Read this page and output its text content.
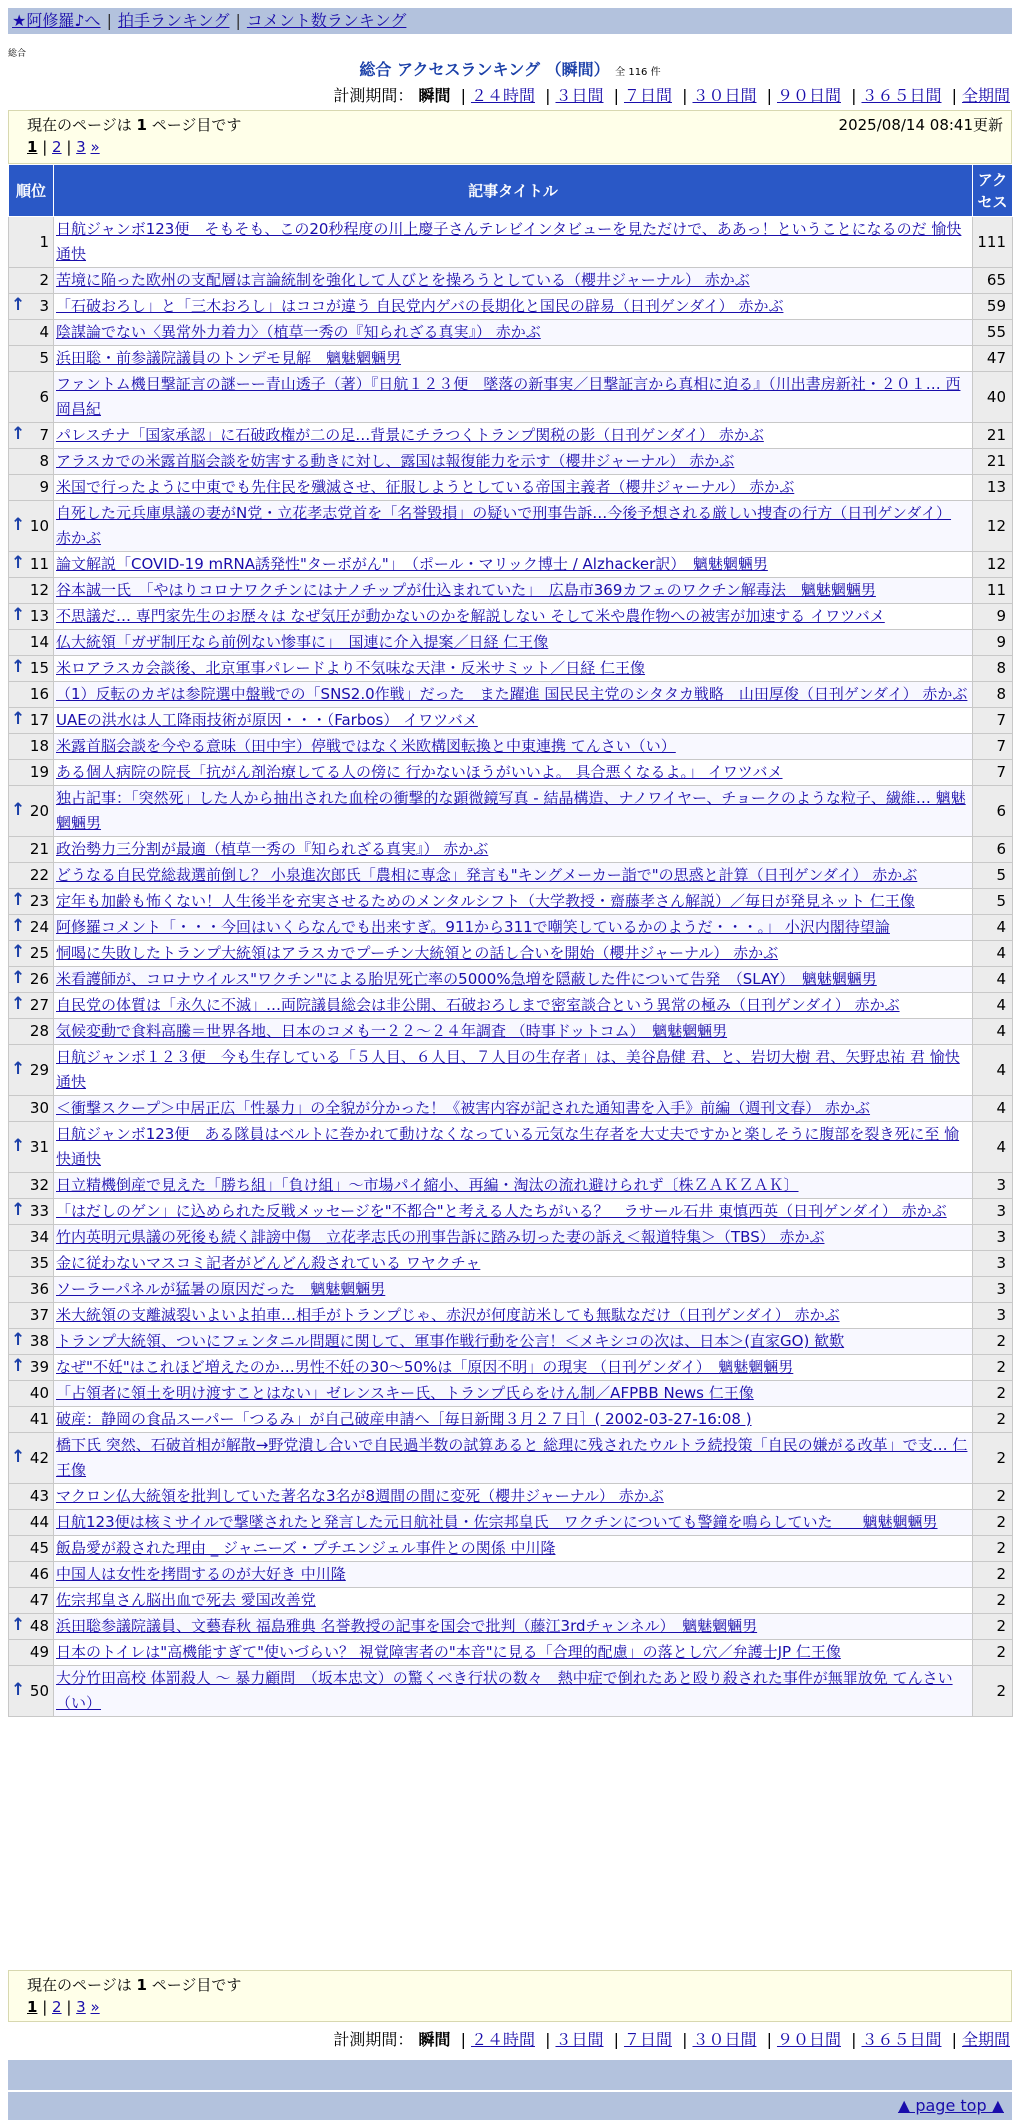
★阿修羅♪へ | 拍手ランキング | コメント数ランキング
総合
総合 アクセスランキング （瞬間） 全 116 件
計測期間： 瞬間 | ２４時間 | ３日間 | ７日間 | ３０日間 | ９０日間 | ３６５日間 | 全期間
現在のページは 1 ページ目です	2025/08/14 08:41更新
1 | 2 | 3 »
順位	記事タイトル	アクセス
1	日航ジャンボ123便　そもそも、この20秒程度の川上慶子さんテレビインタビューを見ただけで、ああっ！ということになるのだ 愉快通快	111
2	苦境に陥った欧州の支配層は言論統制を強化して人びとを操ろうとしている（櫻井ジャーナル） 赤かぶ	65

↑ 3	「石破おろし」と「三木おろし」はココが違う 自民党内ゲバの長期化と国民の辟易（日刊ゲンダイ） 赤かぶ	59
4	陰謀論でない〈異常外力着力〉（植草一秀の『知られざる真実』） 赤かぶ	55
5	浜田聡・前参議院議員のトンデモ見解　魑魅魍魎男	47
6	ファントム機目撃証言の謎ーー青山透子（著）『日航１２３便　墜落の新事実／目撃証言から真相に迫る』（川出書房新社・２０１… 西岡昌紀	40

↑ 7	パレスチナ「国家承認」に石破政権が二の足…背景にチラつくトランプ関税の影（日刊ゲンダイ） 赤かぶ	21
8	アラスカでの米露首脳会談を妨害する動きに対し、露国は報復能力を示す（櫻井ジャーナル） 赤かぶ	21
9	米国で行ったように中東でも先住民を殲滅させ、征服しようとしている帝国主義者（櫻井ジャーナル） 赤かぶ	13

↑ 10	自死した元兵庫県議の妻がN党・立花孝志党首を「名誉毀損」の疑いで刑事告訴…今後予想される厳しい捜査の行方（日刊ゲンダイ） 赤かぶ	12

↑ 11	論文解説「COVID-19 mRNA誘発性"ターボがん"」　（ポール・マリック博士 / Alzhacker訳）　魑魅魍魎男	12
12	谷本誠一氏　「やはりコロナワクチンにはナノチップが仕込まれていた」　広島市369カフェのワクチン解毒法　魑魅魍魎男	11

↑ 13	不思議だ… 専門家先生のお歴々は なぜ気圧が動かないのかを解説しない そして米や農作物への被害が加速する イワツバメ	9
14	仏大統領「ガザ制圧なら前例ない惨事に」　国連に介入提案／日経 仁王像	9

↑ 15	米ロアラスカ会談後、北京軍事パレードより不気味な天津・反米サミット／日経 仁王像	8
16	（1）反転のカギは参院選中盤戦での「SNS2.0作戦」だった　また躍進 国民民主党のシタタカ戦略　山田厚俊（日刊ゲンダイ） 赤かぶ	8

↑ 17	UAEの洪水は人工降雨技術が原因・・・（Farbos） イワツバメ	7
18	米露首脳会談を今やる意味（田中宇）停戦ではなく米欧構図転換と中東連携 てんさい（い）	7
19	ある個人病院の院長「抗がん剤治療してる人の傍に 行かないほうがいいよ。 具合悪くなるよ。」 イワツバメ	7

↑ 20	独占記事：「突然死」した人から抽出された血栓の衝撃的な顕微鏡写真 - 結晶構造、ナノワイヤー、チョークのような粒子、繊維… 魑魅魍魎男	6
21	政治勢力三分割が最適（植草一秀の『知られざる真実』） 赤かぶ	6
22	どうなる自民党総裁選前倒し？ 小泉進次郎氏「農相に専念」発言も"キングメーカー詣で"の思惑と計算（日刊ゲンダイ） 赤かぶ	5

↑ 23	定年も加齢も怖くない！人生後半を充実させるためのメンタルシフト（大学教授・齋藤孝さん解説）／毎日が発見ネット 仁王像	5

↑ 24	阿修羅コメント「・・・今回はいくらなんでも出来すぎ。911から311で嘲笑しているかのようだ・・・。」 小沢内閣待望論	4

↑ 25	恫喝に失敗したトランプ大統領はアラスカでプーチン大統領との話し合いを開始（櫻井ジャーナル） 赤かぶ	4

↑ 26	米看護師が、コロナウイルス"ワクチン"による胎児死亡率の5000%急増を隠蔽した件について告発　（SLAY）　魑魅魍魎男	4

↑ 27	自民党の体質は「永久に不滅」…両院議員総会は非公開、石破おろしまで密室談合という異常の極み（日刊ゲンダイ） 赤かぶ	4
28	気候変動で食料高騰＝世界各地、日本のコメも一２２～２４年調査 （時事ドットコム）　魑魅魍魎男	4

↑ 29	日航ジャンボ１２３便　今も生存している「５人目、６人目、７人目の生存者」は、美谷島健 君、と、岩切大樹 君、矢野忠祐 君 愉快通快	4
30	＜衝撃スクープ＞中居正広「性暴力」の全貌が分かった！《被害内容が記された通知書を入手》前編（週刊文春） 赤かぶ	4

↑ 31	日航ジャンボ123便　ある隊員はベルトに巻かれて動けなくなっている元気な生存者を大丈夫ですかと楽しそうに腹部を裂き死に至 愉快通快	4
32	日立精機倒産で見えた「勝ち組」「負け組」～市場パイ縮小、再編・淘汰の流れ避けられず〔株ＺＡＫＺＡＫ〕	3

↑ 33	「はだしのゲン」に込められた反戦メッセージを"不都合"と考える人たちがいる？　ラサール石井 東慎西英（日刊ゲンダイ） 赤かぶ	3
34	竹内英明元県議の死後も続く誹謗中傷　立花孝志氏の刑事告訴に踏み切った妻の訴え＜報道特集＞（TBS） 赤かぶ	3
35	金に従わないマスコミ記者がどんどん殺されている ワヤクチャ	3
36	ソーラーパネルが猛暑の原因だった　魑魅魍魎男	3
37	米大統領の支離滅裂いよいよ拍車…相手がトランプじゃ、赤沢が何度訪米しても無駄なだけ（日刊ゲンダイ） 赤かぶ	3

↑ 38	トランプ大統領、ついにフェンタニル問題に関して、軍事作戦行動を公言！＜メキシコの次は、日本＞(直家GO) 歓歎	2

↑ 39	なぜ"不妊"はこれほど増えたのか…男性不妊の30～50%は「原因不明」の現実 （日刊ゲンダイ）　魑魅魍魎男	2
40	「占領者に領土を明け渡すことはない」ゼレンスキー氏、トランプ氏らをけん制／AFPBB News 仁王像	2
41	破産：静岡の食品スーパー「つるみ」が自己破産申請へ［毎日新聞３月２７日］( 2002-03-27-16:08 )	2

↑ 42	橋下氏 突然、石破首相が解散→野党潰し合いで自民過半数の試算あると 総理に残されたウルトラ続投策「自民の嫌がる改革」で支… 仁王像	2
43	マクロン仏大統領を批判していた著名な3名が8週間の間に変死（櫻井ジャーナル） 赤かぶ	2
44	日航123便は核ミサイルで撃墜されたと発言した元日航社員・佐宗邦皇氏　ワクチンについても警鐘を鳴らしていた　　魑魅魍魎男	2
45	飯島愛が殺された理由 _ ジャニーズ・プチエンジェル事件との関係 中川隆	2
46	中国人は女性を拷問するのが大好き 中川隆	2
47	佐宗邦皇さん脳出血で死去 愛国改善党	2

↑ 48	浜田聡参議院議員、文藝春秋 福島雅典 名誉教授の記事を国会で批判（藤江3rdチャンネル）　魑魅魍魎男	2
49	日本のトイレは"高機能すぎて"使いづらい？ 視覚障害者の"本音"に見る「合理的配慮」の落とし穴／弁護士JP 仁王像	2

↑ 50	大分竹田高校 体罰殺人 ～ 暴力顧問　（坂本忠文）の驚くべき行状の数々　熱中症で倒れたあと殴り殺された事件が無罪放免 てんさい（い）	2
現在のページは 1 ページ目です
1 | 2 | 3 »
計測期間： 瞬間 | ２４時間 | ３日間 | ７日間 | ３０日間 | ９０日間 | ３６５日間 | 全期間
▲ page top ▲
